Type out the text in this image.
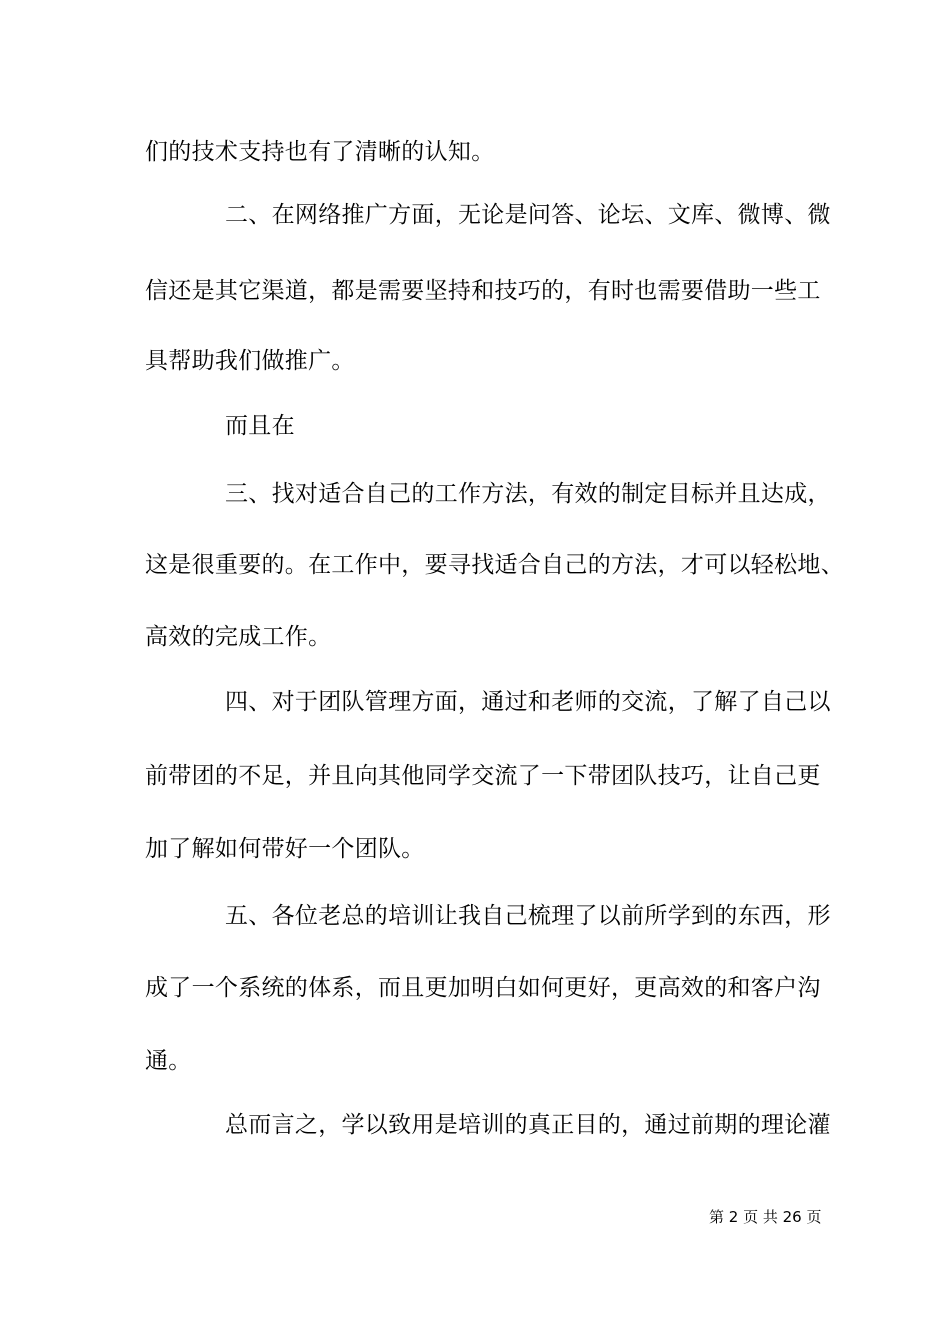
们的技术支持也有了清晰的认知。
二、在网络推广方面，无论是问答、论坛、文库、微博、微
信还是其它渠道，都是需要坚持和技巧的，有时也需要借助一些工
具帮助我们做推广。
而且在
三、找对适合自己的工作方法，有效的制定目标并且达成，
这是很重要的。在工作中，要寻找适合自己的方法，才可以轻松地、
高效的完成工作。
四、对于团队管理方面，通过和老师的交流，了解了自己以
前带团的不足，并且向其他同学交流了一下带团队技巧，让自己更
加了解如何带好一个团队。
五、各位老总的培训让我自己梳理了以前所学到的东西，形
成了一个系统的体系，而且更加明白如何更好，更高效的和客户沟
通。
总而言之，学以致用是培训的真正目的，通过前期的理论灌
第 2 页 共 26 页
